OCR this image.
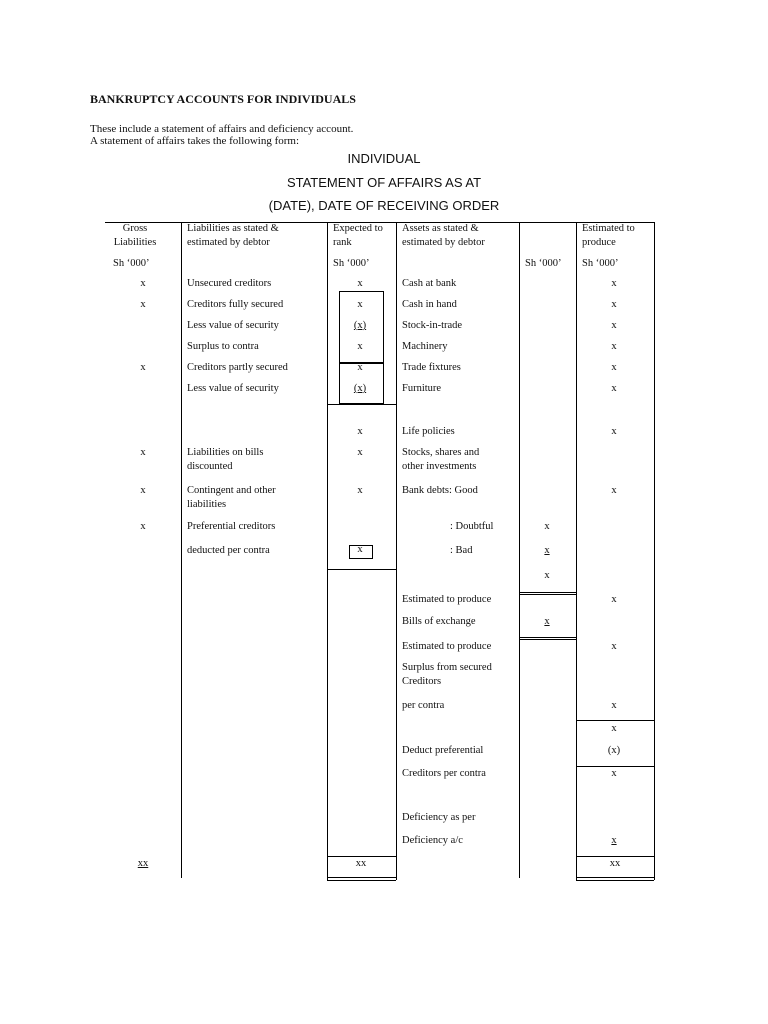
BANKRUPTCY ACCOUNTS FOR INDIVIDUALS
These include a statement of affairs and deficiency account.
A statement of affairs takes the following form:
INDIVIDUAL
STATEMENT OF AFFAIRS AS AT
(DATE), DATE OF RECEIVING ORDER
Gross
Liabilities
Liabilities as stated &
estimated by debtor
Expected to
rank
Assets as stated &
estimated by debtor
Estimated to
produce
Sh ‘000’	Sh ‘000’	Sh ‘000’ Sh ‘000’
x
x
x
x
x
x
xx
Unsecured creditors
Creditors fully secured
Less value of security
Surplus to contra
Creditors partly secured
Less value of security
Liabilities on bills
discounted
Contingent and other
liabilities
Preferential creditors
deducted per contra
x
x
(x)
x
x
(x)
x
x
x
x
xx
Cash at bank
Cash in hand
Stock-in-trade
Machinery
Trade fixtures
Furniture
Life policies
Stocks, shares and
other investments
Bank debts: Good
: Doubtful
: Bad
Estimated to produce
Bills of exchange
Estimated to produce
Surplus from secured
Creditors
per contra
Deduct preferential
Creditors per contra
Deficiency as per
Deficiency a/c
x
x
x
x
x
x
x
x
x
x
x
x
x
x
x
x
(x)
x
x
xx
